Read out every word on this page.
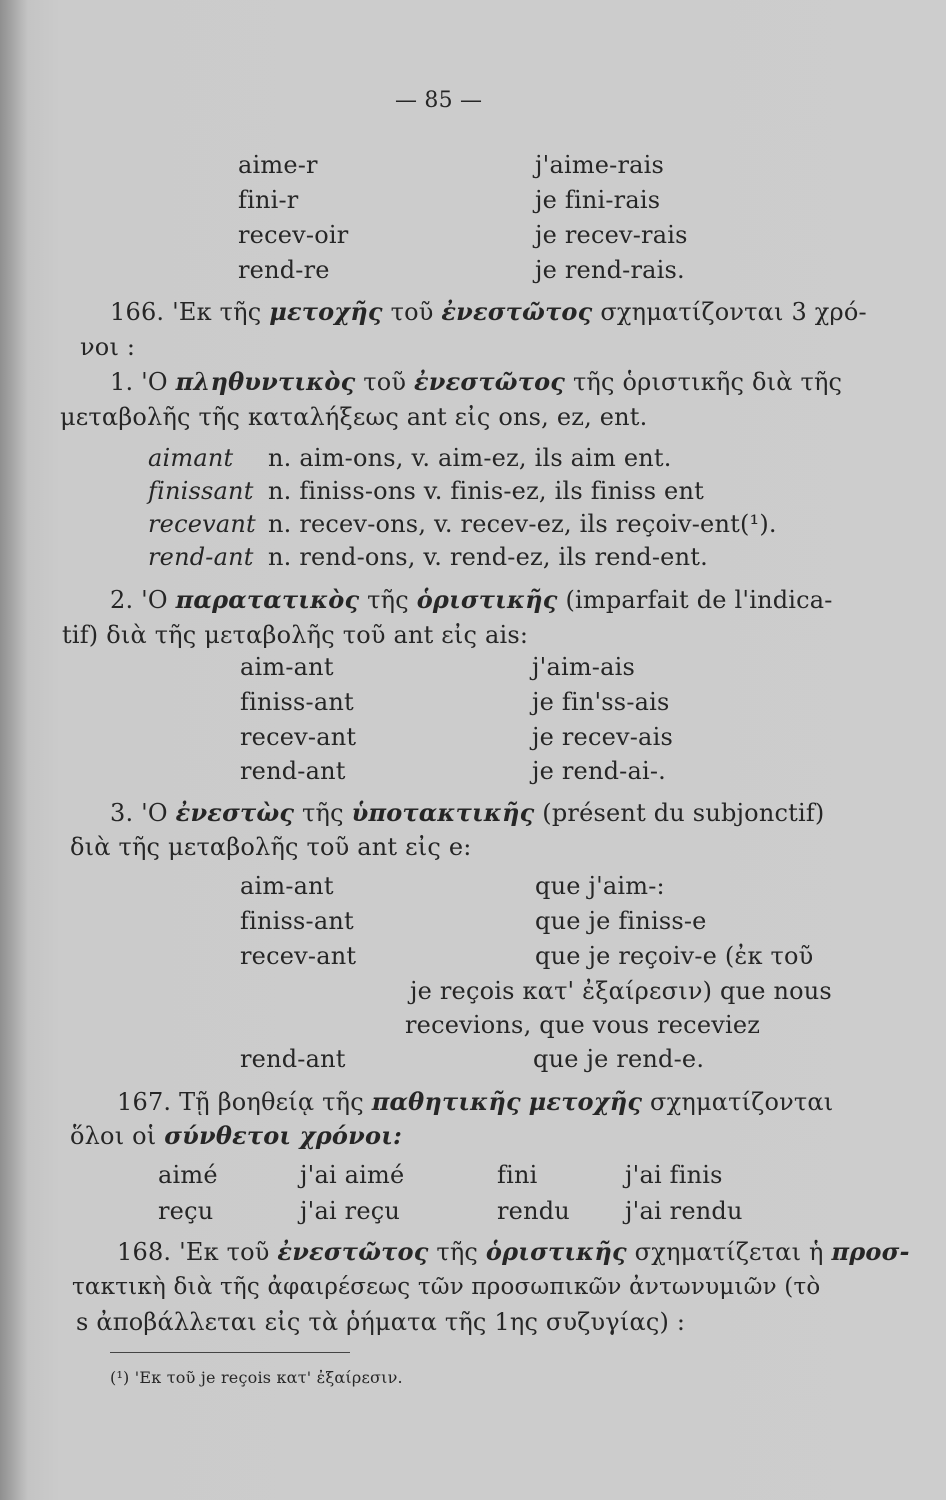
— 85 —
aime-r	j'aime-rais
fini-r	je fini-rais
recev-oir	je recev-rais
rend-re	je rend-rais.
166. 'Εκ τῆς μετοχῆς τοῦ ἐνεστῶτος σχηματίζονται 3 χρό-
νοι :
1. 'Ο πληθυντικὸς τοῦ ἐνεστῶτος τῆς ὁριστικῆς διὰ τῆς
μεταβολῆς τῆς καταλήξεως ant εἰς ons, ez, ent.
aimant n. aim-ons, v. aim-ez, ils aim ent.
finissant n. finiss-ons v. finis-ez, ils finiss ent
recevant n. recev-ons, v. recev-ez, ils reçoiv-ent(¹).
rend-ant n. rend-ons, v. rend-ez, ils rend-ent.
2. 'Ο παρατατικὸς τῆς ὁριστικῆς (imparfait de l'indica-
tif) διὰ τῆς μεταβολῆς τοῦ ant εἰς ais:
aim-ant	j'aim-ais
finiss-ant	je fin'ss-ais
recev-ant	je recev-ais
rend-ant	je rend-ai-.
3. 'Ο ἐνεστὼς τῆς ὑποτακτικῆς (présent du subjonctif)
διὰ τῆς μεταβολῆς τοῦ ant εἰς e:
aim-ant	que j'aim-:
finiss-ant	que je finiss-e
recev-ant	que je reçoiv-e (ἐκ τοῦ
je reçois κατ' ἐξαίρεσιν) que nous
recevions, que vous receviez
rend-ant	que je rend-e.
167. Τῇ βοηθείᾳ τῆς παθητικῆς μετοχῆς σχηματίζονται
ὅλοι οἱ σύνθετοι χρόνοι:
aimé	j'ai aimé	fini	j'ai finis
reçu	j'ai reçu	rendu j'ai rendu
168. 'Εκ τοῦ ἐνεστῶτος τῆς ὁριστικῆς σχηματίζεται ἡ προσ-
τακτικὴ διὰ τῆς ἀφαιρέσεως τῶν προσωπικῶν ἀντωνυμιῶν (τὸ
s ἀποβάλλεται εἰς τὰ ῥήματα τῆς 1ης συζυγίας) :
(¹) 'Εκ τοῦ je reçois κατ' ἐξαίρεσιν.
